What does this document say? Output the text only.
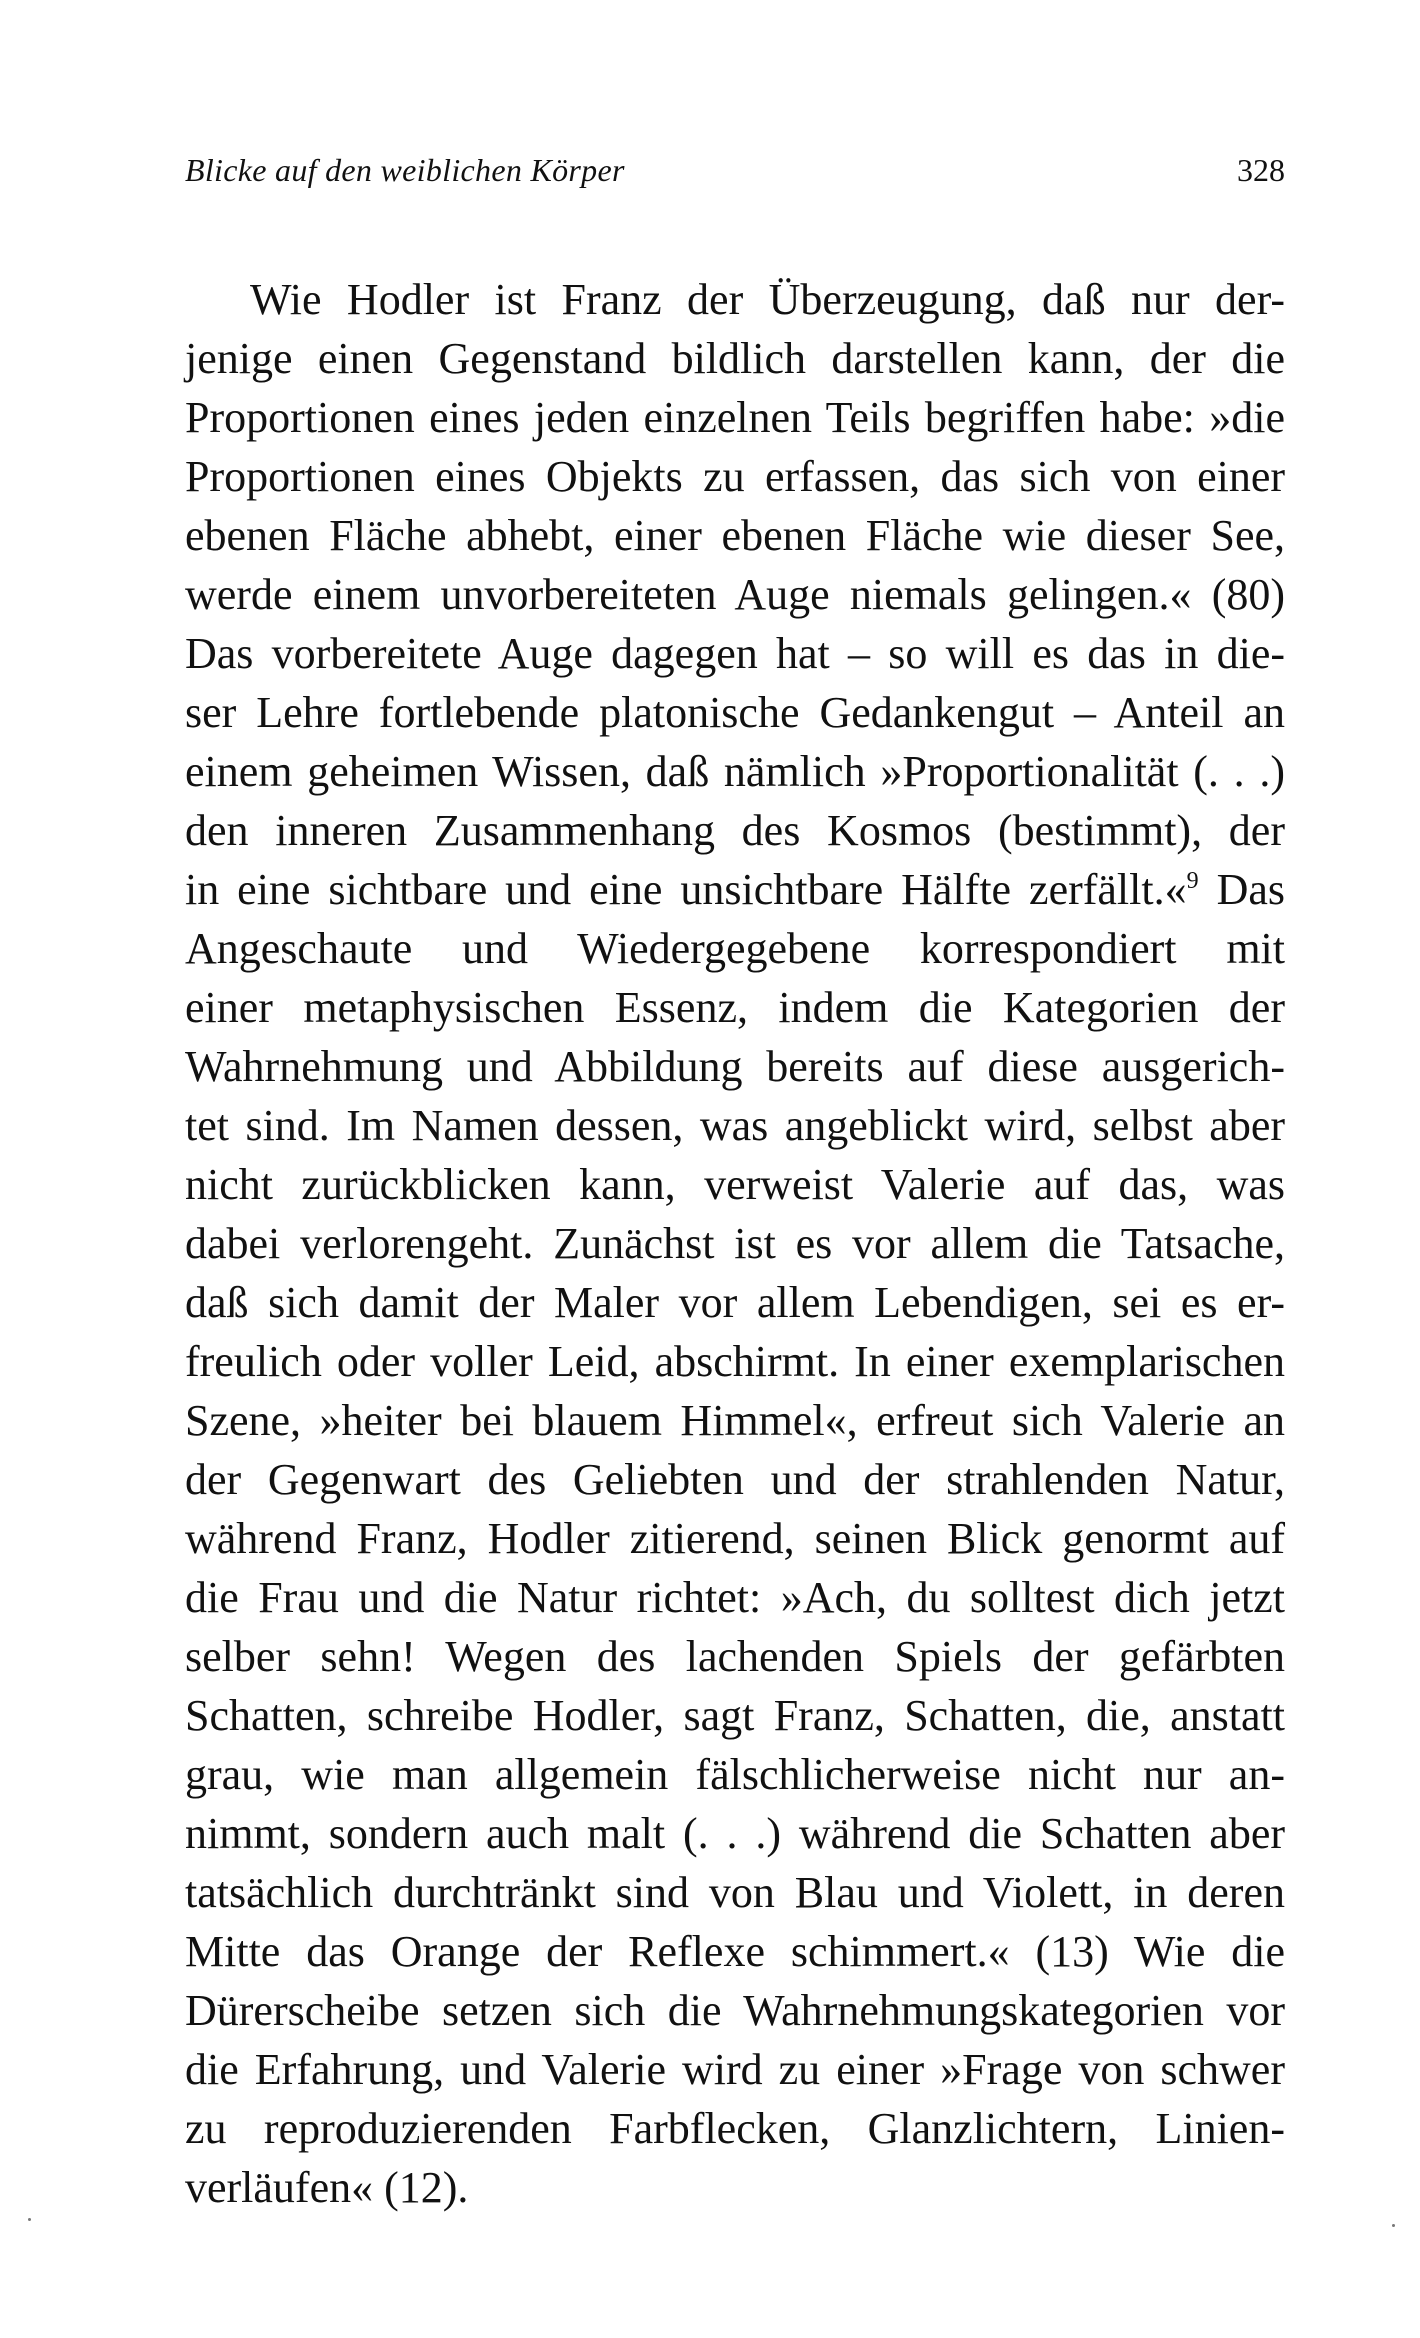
Blicke auf den weiblichen Körper	328
Wie Hodler ist Franz der Überzeugung, daß nur der-
jenige einen Gegenstand bildlich darstellen kann, der die
Proportionen eines jeden einzelnen Teils begriffen habe: »die
Proportionen eines Objekts zu erfassen, das sich von einer
ebenen Fläche abhebt, einer ebenen Fläche wie dieser See,
werde einem unvorbereiteten Auge niemals gelingen.« (80)
Das vorbereitete Auge dagegen hat – so will es das in die-
ser Lehre fortlebende platonische Gedankengut – Anteil an
einem geheimen Wissen, daß nämlich »Proportionalität (. . .)
den inneren Zusammenhang des Kosmos (bestimmt), der
in eine sichtbare und eine unsichtbare Hälfte zerfällt.«$^9$ Das
Angeschaute und Wiedergegebene korrespondiert mit
einer metaphysischen Essenz, indem die Kategorien der
Wahrnehmung und Abbildung bereits auf diese ausgerich-
tet sind. Im Namen dessen, was angeblickt wird, selbst aber
nicht zurückblicken kann, verweist Valerie auf das, was
dabei verlorengeht. Zunächst ist es vor allem die Tatsache,
daß sich damit der Maler vor allem Lebendigen, sei es er-
freulich oder voller Leid, abschirmt. In einer exemplarischen
Szene, »heiter bei blauem Himmel«, erfreut sich Valerie an
der Gegenwart des Geliebten und der strahlenden Natur,
während Franz, Hodler zitierend, seinen Blick genormt auf
die Frau und die Natur richtet: »Ach, du solltest dich jetzt
selber sehn! Wegen des lachenden Spiels der gefärbten
Schatten, schreibe Hodler, sagt Franz, Schatten, die, anstatt
grau, wie man allgemein fälschlicherweise nicht nur an-
nimmt, sondern auch malt (. . .) während die Schatten aber
tatsächlich durchtränkt sind von Blau und Violett, in deren
Mitte das Orange der Reflexe schimmert.« (13) Wie die
Dürerscheibe setzen sich die Wahrnehmungskategorien vor
die Erfahrung, und Valerie wird zu einer »Frage von schwer
zu reproduzierenden Farbflecken, Glanzlichtern, Linien-
verläufen« (12).
